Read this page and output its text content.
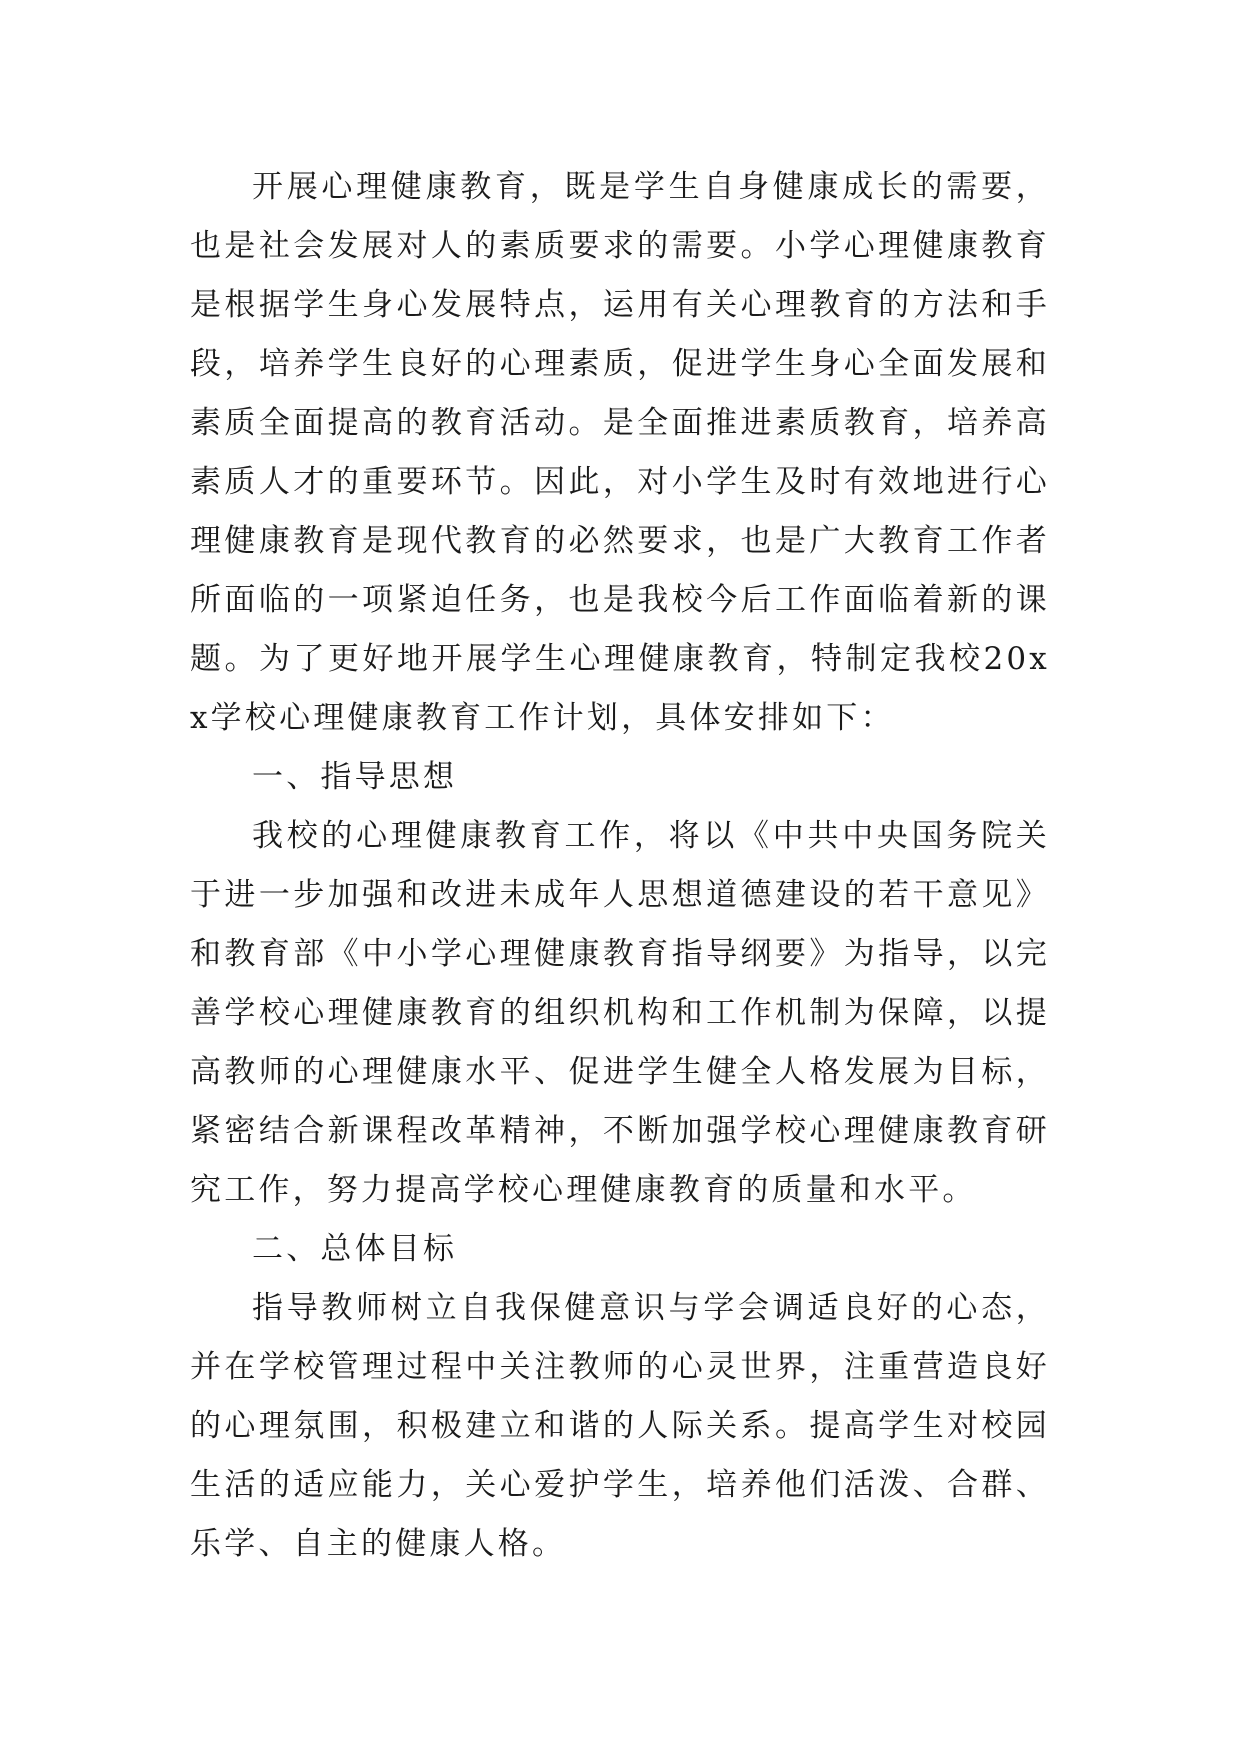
开展心理健康教育，既是学生自身健康成长的需要，也是社会发展对人的素质要求的需要。小学心理健康教育是根据学生身心发展特点，运用有关心理教育的方法和手段，培养学生良好的心理素质，促进学生身心全面发展和素质全面提高的教育活动。是全面推进素质教育，培养高素质人才的重要环节。因此，对小学生及时有效地进行心理健康教育是现代教育的必然要求，也是广大教育工作者所面临的一项紧迫任务，也是我校今后工作面临着新的课题。为了更好地开展学生心理健康教育，特制定我校20xx学校心理健康教育工作计划，具体安排如下：

一、指导思想

我校的心理健康教育工作，将以《中共中央国务院关于进一步加强和改进未成年人思想道德建设的若干意见》和教育部《中小学心理健康教育指导纲要》为指导，以完善学校心理健康教育的组织机构和工作机制为保障，以提高教师的心理健康水平、促进学生健全人格发展为目标，紧密结合新课程改革精神，不断加强学校心理健康教育研究工作，努力提高学校心理健康教育的质量和水平。

二、总体目标

指导教师树立自我保健意识与学会调适良好的心态，并在学校管理过程中关注教师的心灵世界，注重营造良好的心理氛围，积极建立和谐的人际关系。提高学生对校园生活的适应能力，关心爱护学生，培养他们活泼、合群、乐学、自主的健康人格。
